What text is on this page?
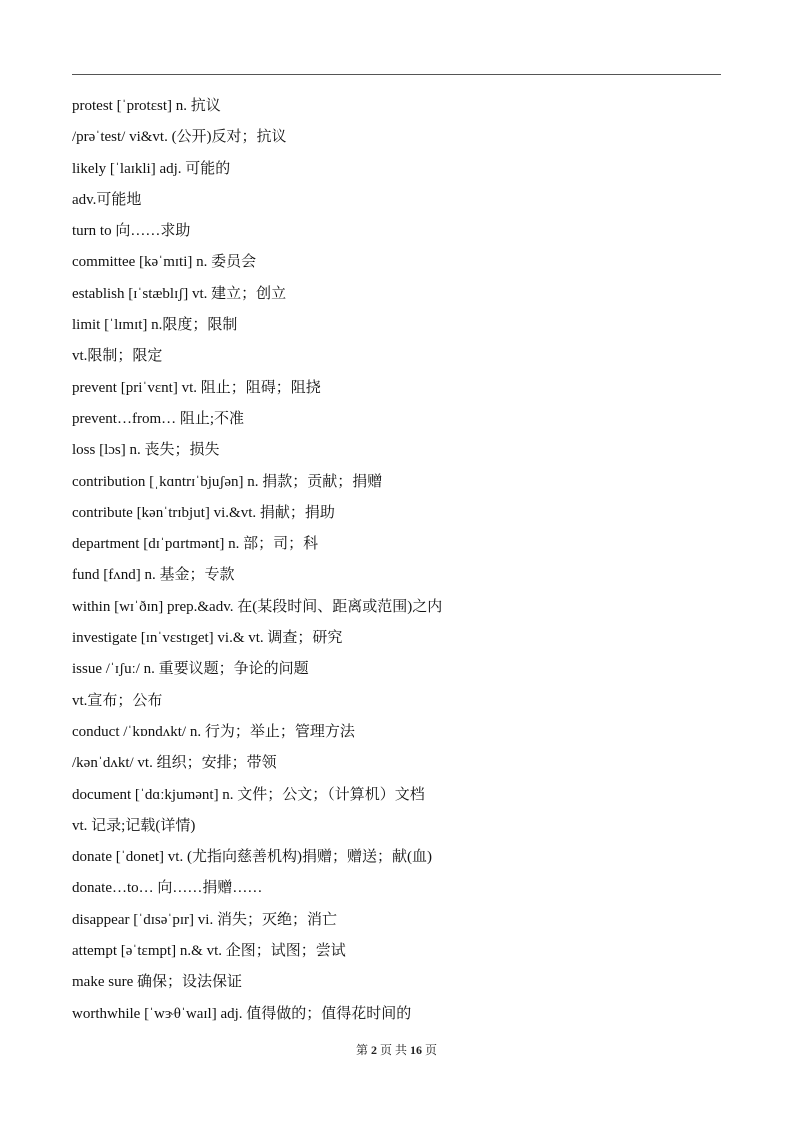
protest [ˈprotɛst] n. 抗议
/prəˈtest/ vi&vt. (公开)反对；抗议
likely [ˈlaɪkli] adj. 可能的
adv.可能地
turn to 向……求助
committee [kəˈmɪti] n. 委员会
establish [ɪˈstæblɪʃ] vt. 建立；创立
limit [ˈlɪmɪt] n.限度；限制
vt.限制；限定
prevent [priˈvɛnt] vt. 阻止；阻碍；阻挠
prevent…from… 阻止;不准
loss [lɔs] n. 丧失；损失
contribution [ˌkɑntrɪˈbjuʃən] n. 捐款；贡献；捐赠
contribute [kənˈtrɪbjut] vi.&vt. 捐献；捐助
department [dɪˈpɑrtmənt] n. 部；司；科
fund [fʌnd] n. 基金；专款
within [wɪˈðɪn] prep.&adv. 在(某段时间、距离或范围)之内
investigate [ɪnˈvɛstɪget] vi.& vt. 调查；研究
issue /ˈɪʃuː/ n. 重要议题；争论的问题
vt.宣布；公布
conduct /ˈkɒndʌkt/ n. 行为；举止；管理方法
/kənˈdʌkt/ vt. 组织；安排；带领
document [ˈdɑːkjumənt] n. 文件；公文；（计算机）文档
vt. 记录;记载(详情)
donate [ˈdonet] vt. (尤指向慈善机构)捐赠；赠送；献(血)
donate…to… 向……捐赠……
disappear [ˈdɪsəˈpɪr] vi. 消失；灭绝；消亡
attempt [əˈtɛmpt] n.& vt. 企图；试图；尝试
make sure 确保；设法保证
worthwhile [ˈwɝθˈwaɪl] adj. 值得做的；值得花时间的
第 2 页 共 16 页
